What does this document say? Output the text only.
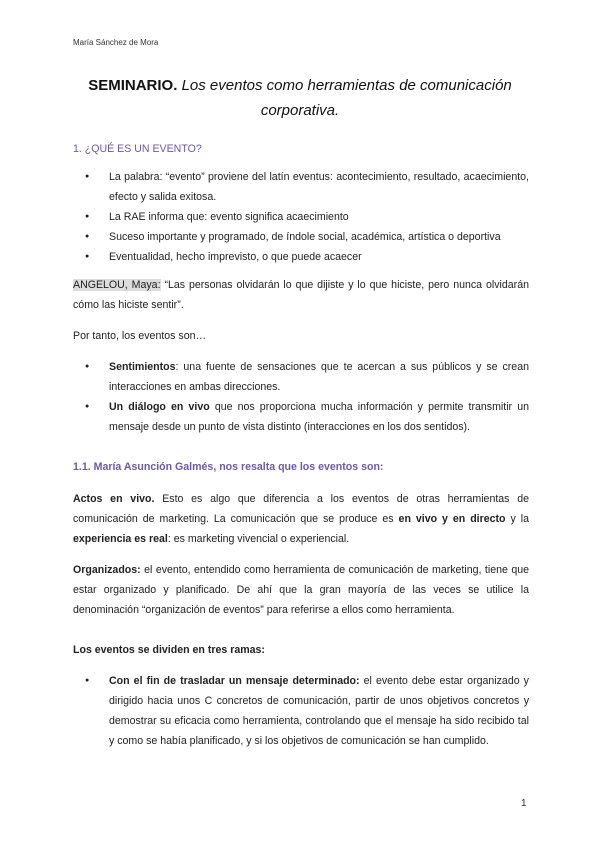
María Sánchez de Mora
SEMINARIO. Los eventos como herramientas de comunicación corporativa.
1. ¿QUÉ ES UN EVENTO?
● La palabra: “evento” proviene del latín eventus: acontecimiento, resultado, acaecimiento, efecto y salida exitosa.
● La RAE informa que: evento significa acaecimiento
● Suceso importante y programado, de índole social, académica, artística o deportiva
● Eventualidad, hecho imprevisto, o que puede acaecer

ANGELOU, Maya: “Las personas olvidarán lo que dijiste y lo que hiciste, pero nunca olvidarán cómo las hiciste sentir”.

Por tanto, los eventos son…

● Sentimientos: una fuente de sensaciones que te acercan a sus públicos y se crean interacciones en ambas direcciones.
● Un diálogo en vivo que nos proporciona mucha información y permite transmitir un mensaje desde un punto de vista distinto (interacciones en los dos sentidos).
1.1. María Asunción Galmés, nos resalta que los eventos son:

Actos en vivo. Esto es algo que diferencia a los eventos de otras herramientas de comunicación de marketing. La comunicación que se produce es en vivo y en directo y la experiencia es real: es marketing vivencial o experiencial.

Organizados: el evento, entendido como herramienta de comunicación de marketing, tiene que estar organizado y planificado. De ahí que la gran mayoría de las veces se utilice la denominación “organización de eventos” para referirse a ellos como herramienta.

Los eventos se dividen en tres ramas:

● Con el fin de trasladar un mensaje determinado: el evento debe estar organizado y dirigido hacia unos C concretos de comunicación, partir de unos objetivos concretos y demostrar su eficacia como herramienta, controlando que el mensaje ha sido recibido tal y como se había planificado, y si los objetivos de comunicación se han cumplido.
1
